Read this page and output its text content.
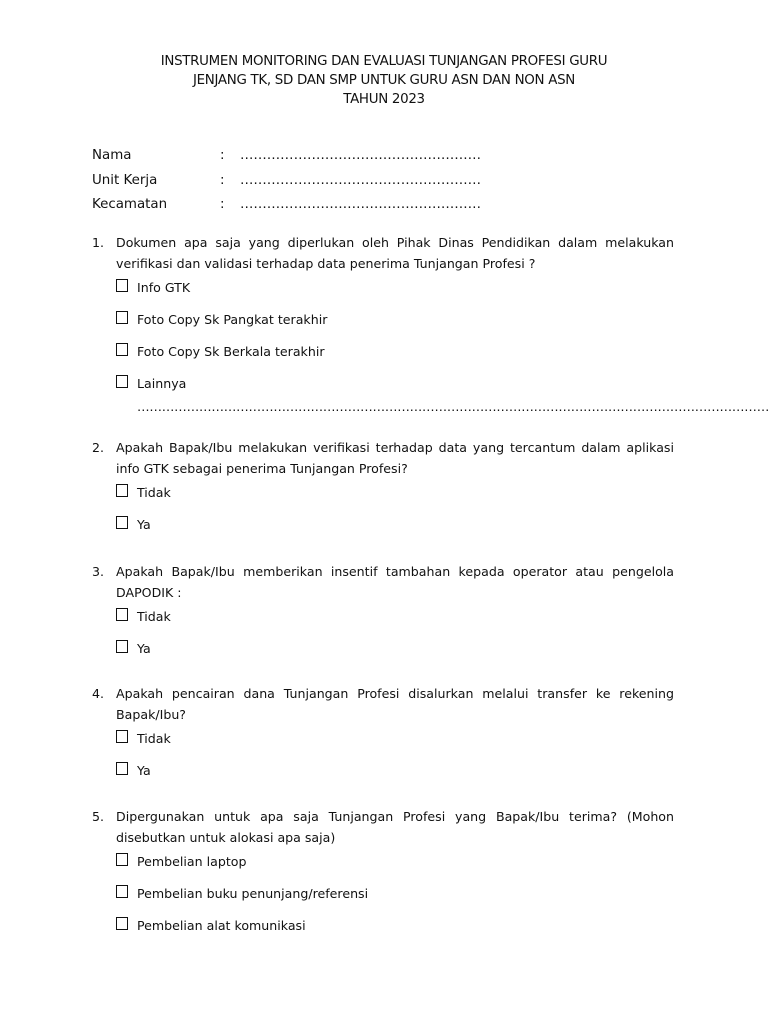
INSTRUMEN MONITORING DAN EVALUASI TUNJANGAN PROFESI GURU
JENJANG TK, SD DAN SMP UNTUK GURU ASN DAN NON ASN
TAHUN 2023
Nama	:	………………………………………………
Unit Kerja	:	………………………………………………
Kecamatan	:	………………………………………………
1. Dokumen apa saja yang diperlukan oleh Pihak Dinas Pendidikan dalam melakukan verifikasi dan validasi terhadap data penerima Tunjangan Profesi ?
Info GTK
Foto Copy Sk Pangkat terakhir
Foto Copy Sk Berkala terakhir
Lainnya
………………………………………………………………………………………………………………………………………
2. Apakah Bapak/Ibu melakukan verifikasi terhadap data yang tercantum dalam aplikasi info GTK sebagai penerima Tunjangan Profesi?
Tidak
Ya
3. Apakah Bapak/Ibu memberikan insentif tambahan kepada operator atau pengelola DAPODIK :
Tidak
Ya
4. Apakah pencairan dana Tunjangan Profesi disalurkan melalui transfer ke rekening Bapak/Ibu?
Tidak
Ya
5. Dipergunakan untuk apa saja Tunjangan Profesi yang Bapak/Ibu terima? (Mohon disebutkan untuk alokasi apa saja)
Pembelian laptop
Pembelian buku penunjang/referensi
Pembelian alat komunikasi
